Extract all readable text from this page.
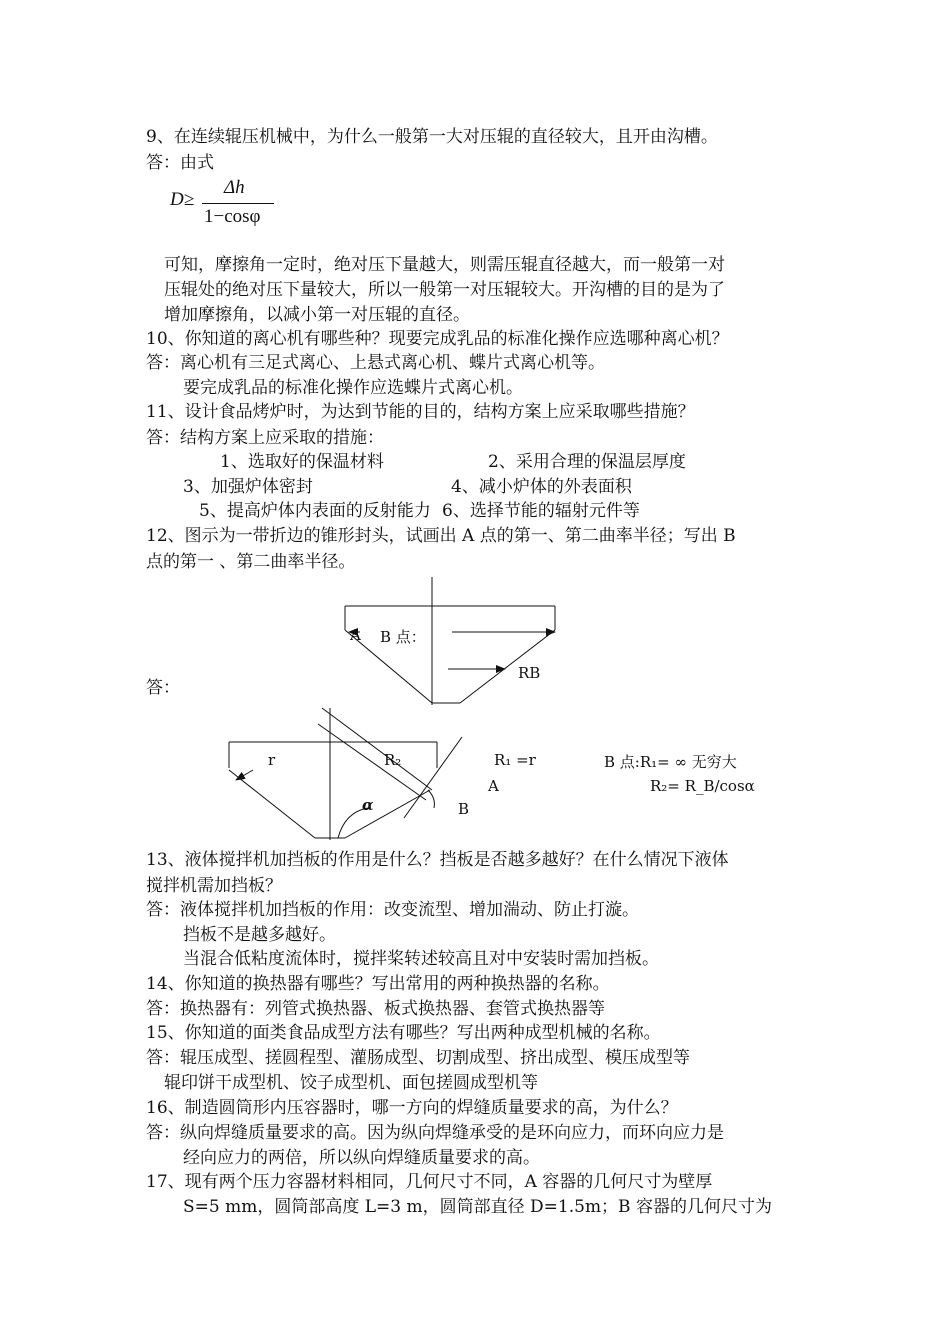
9、在连续辊压机械中，为什么一般第一大对压辊的直径较大，且开由沟槽。
答：由式
D≥
Δh
1−cosφ
可知，摩擦角一定时，绝对压下量越大，则需压辊直径越大，而一般第一对
压辊处的绝对压下量较大，所以一般第一对压辊较大。开沟槽的目的是为了
增加摩擦角，以减小第一对压辊的直径。
10、你知道的离心机有哪些种？现要完成乳品的标准化操作应选哪种离心机？
答：离心机有三足式离心、上悬式离心机、蝶片式离心机等。
要完成乳品的标准化操作应选蝶片式离心机。
11、设计食品烤炉时，为达到节能的目的，结构方案上应采取哪些措施？
答：结构方案上应采取的措施：
1、选取好的保温材料	2、采用合理的保温层厚度
3、加强炉体密封	4、减小炉体的外表面积
5、提高炉体内表面的反射能力 6、选择节能的辐射元件等
12、图示为一带折边的锥形封头，试画出 A 点的第一、第二曲率半径；写出 B
点的第一 、第二曲率半径。
答：
A B 点：
RB
r	R₂
α	B
R₁ =r
A
B 点:R₁= ∞ 无穷大
R₂= R_B/cosα
13、液体搅拌机加挡板的作用是什么？挡板是否越多越好？在什么情况下液体
搅拌机需加挡板？
答：液体搅拌机加挡板的作用：改变流型、增加湍动、防止打漩。
挡板不是越多越好。
当混合低粘度流体时，搅拌桨转述较高且对中安装时需加挡板。
14、你知道的换热器有哪些？写出常用的两种换热器的名称。
答：换热器有：列管式换热器、板式换热器、套管式换热器等
15、你知道的面类食品成型方法有哪些？写出两种成型机械的名称。
答：辊压成型、搓圆程型、灌肠成型、切割成型、挤出成型、模压成型等
辊印饼干成型机、饺子成型机、面包搓圆成型机等
16、制造圆筒形内压容器时，哪一方向的焊缝质量要求的高，为什么？
答：纵向焊缝质量要求的高。因为纵向焊缝承受的是环向应力，而环向应力是
经向应力的两倍，所以纵向焊缝质量要求的高。
17、现有两个压力容器材料相同，几何尺寸不同，A 容器的几何尺寸为壁厚
S=5 mm，圆筒部高度 L=3 m，圆筒部直径 D=1.5m；B 容器的几何尺寸为
